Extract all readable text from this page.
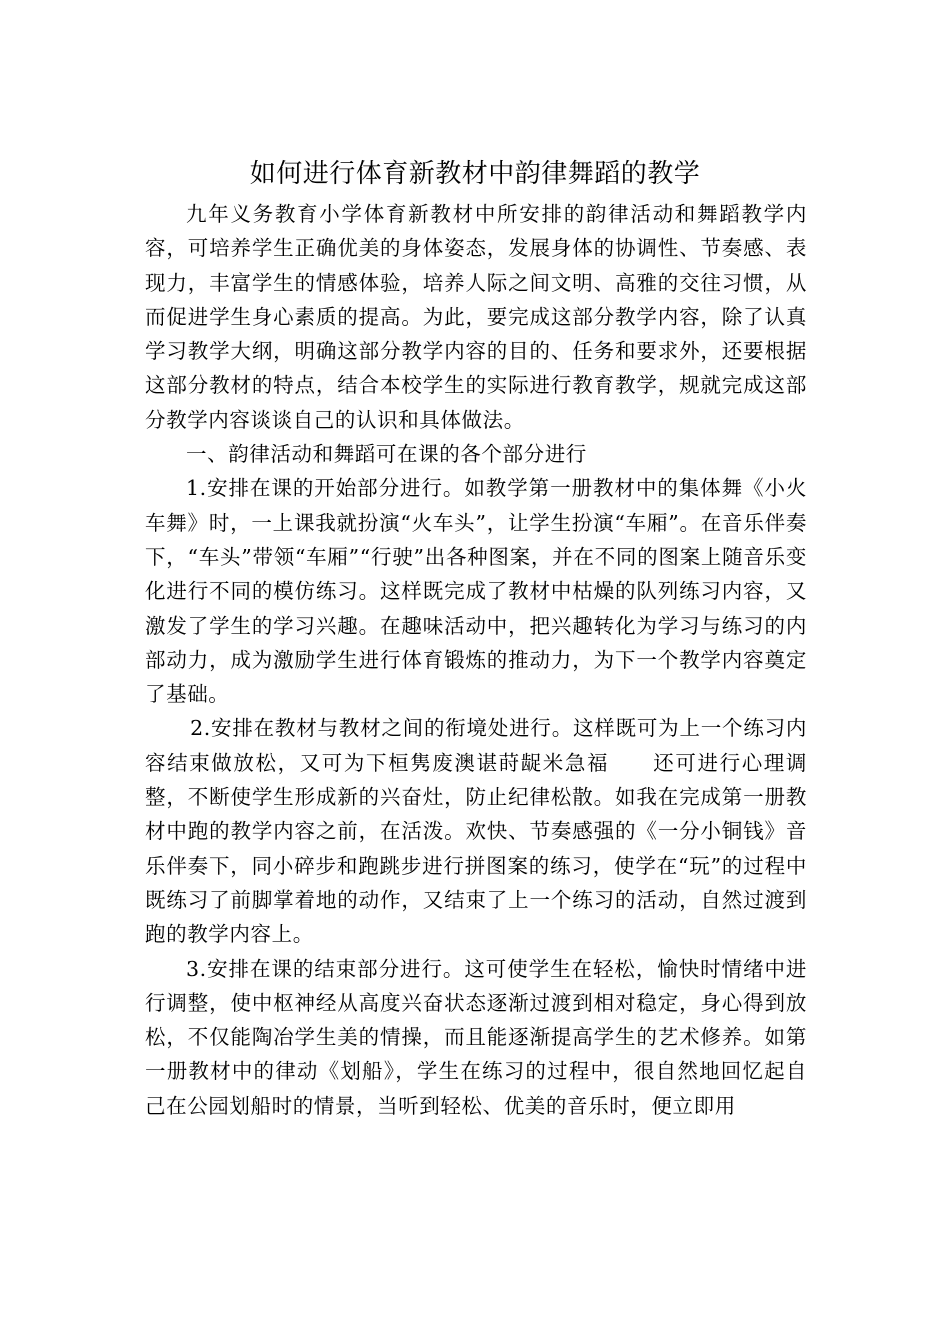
如何进行体育新教材中韵律舞蹈的教学

九年义务教育小学体育新教材中所安排的韵律活动和舞蹈教学内容，可培养学生正确优美的身体姿态，发展身体的协调性、节奏感、表现力，丰富学生的情感体验，培养人际之间文明、高雅的交往习惯，从而促进学生身心素质的提高。为此，要完成这部分教学内容，除了认真学习教学大纲，明确这部分教学内容的目的、任务和要求外，还要根据这部分教材的特点，结合本校学生的实际进行教育教学，规就完成这部分教学内容谈谈自己的认识和具体做法。

一、韵律活动和舞蹈可在课的各个部分进行

1.安排在课的开始部分进行。如教学第一册教材中的集体舞《小火车舞》时，一上课我就扮演“火车头”，让学生扮演“车厢”。在音乐伴奏下，“车头”带领“车厢”“行驶”出各种图案，并在不同的图案上随音乐变化进行不同的模仿练习。这样既完成了教材中枯燥的队列练习内容，又激发了学生的学习兴趣。在趣味活动中，把兴趣转化为学习与练习的内部动力，成为激励学生进行体育锻炼的推动力，为下一个教学内容奠定了基础。

2.安排在教材与教材之间的衔境处进行。这样既可为上一个练习内容结束做放松，又可为下桓隽废澳谌莳龊米急福　　还可进行心理调整，不断使学生形成新的兴奋灶，防止纪律松散。如我在完成第一册教材中跑的教学内容之前，在活泼。欢快、节奏感强的《一分小铜钱》音乐伴奏下，同小碎步和跑跳步进行拼图案的练习，使学在“玩”的过程中既练习了前脚掌着地的动作，又结束了上一个练习的活动，自然过渡到跑的教学内容上。

3.安排在课的结束部分进行。这可使学生在轻松，愉快时情绪中进行调整，使中枢神经从高度兴奋状态逐渐过渡到相对稳定，身心得到放松，不仅能陶冶学生美的情操，而且能逐渐提高学生的艺术修养。如第一册教材中的律动《划船》，学生在练习的过程中，很自然地回忆起自己在公园划船时的情景，当听到轻松、优美的音乐时，便立即用
